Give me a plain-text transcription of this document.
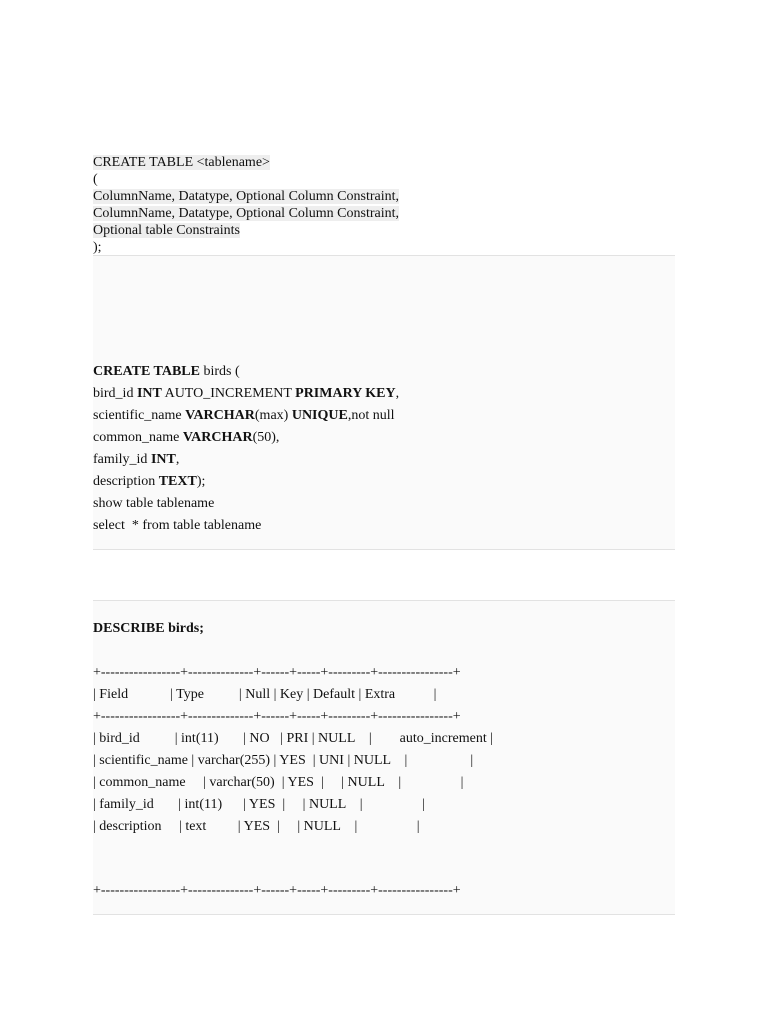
CREATE TABLE <tablename>
(
ColumnName, Datatype, Optional Column Constraint,
ColumnName, Datatype, Optional Column Constraint,
Optional table Constraints
);
CREATE TABLE birds (
bird_id INT AUTO_INCREMENT PRIMARY KEY,
scientific_name VARCHAR(max) UNIQUE,not null
common_name VARCHAR(50),
family_id INT,
description TEXT);
show table tablename
select  * from table tablename
DESCRIBE birds;
+-----------------+--------------+------+-----+---------+----------------+
| Field            | Type          | Null | Key | Default | Extra           |
+-----------------+--------------+------+-----+---------+----------------+
| bird_id          | int(11)       | NO   | PRI | NULL    |        auto_increment |
| scientific_name | varchar(255) | YES  | UNI | NULL    |                  |
| common_name     | varchar(50)  | YES  |     | NULL    |                 |
| family_id       | int(11)      | YES  |     | NULL    |                 |
| description     | text         | YES  |     | NULL    |                 |
+-----------------+--------------+------+-----+---------+----------------+
